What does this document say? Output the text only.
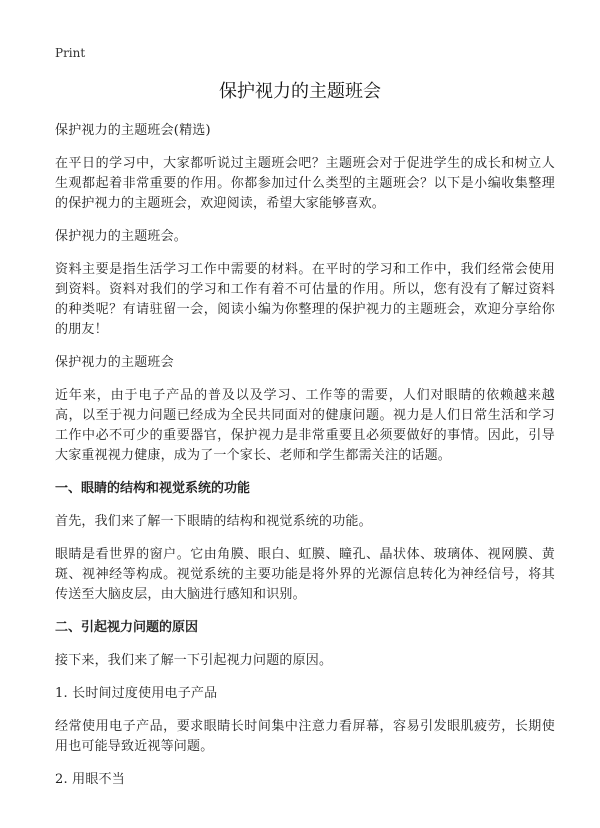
Print
保护视力的主题班会

保护视力的主题班会(精选)

在平日的学习中，大家都听说过主题班会吧？主题班会对于促进学生的成长和树立人生观都起着非常重要的作用。你都参加过什么类型的主题班会？以下是小编收集整理的保护视力的主题班会，欢迎阅读，希望大家能够喜欢。

保护视力的主题班会。

资料主要是指生活学习工作中需要的材料。在平时的学习和工作中，我们经常会使用到资料。资料对我们的学习和工作有着不可估量的作用。所以，您有没有了解过资料的种类呢？有请驻留一会，阅读小编为你整理的保护视力的主题班会，欢迎分享给你的朋友！

保护视力的主题班会

近年来，由于电子产品的普及以及学习、工作等的需要，人们对眼睛的依赖越来越高，以至于视力问题已经成为全民共同面对的健康问题。视力是人们日常生活和学习工作中必不可少的重要器官，保护视力是非常重要且必须要做好的事情。因此，引导大家重视视力健康，成为了一个家长、老师和学生都需关注的话题。

一、眼睛的结构和视觉系统的功能

首先，我们来了解一下眼睛的结构和视觉系统的功能。

眼睛是看世界的窗户。它由角膜、眼白、虹膜、瞳孔、晶状体、玻璃体、视网膜、黄斑、视神经等构成。视觉系统的主要功能是将外界的光源信息转化为神经信号，将其传送至大脑皮层，由大脑进行感知和识别。

二、引起视力问题的原因

接下来，我们来了解一下引起视力问题的原因。

1. 长时间过度使用电子产品

经常使用电子产品，要求眼睛长时间集中注意力看屏幕，容易引发眼肌疲劳，长期使用也可能导致近视等问题。

2. 用眼不当
